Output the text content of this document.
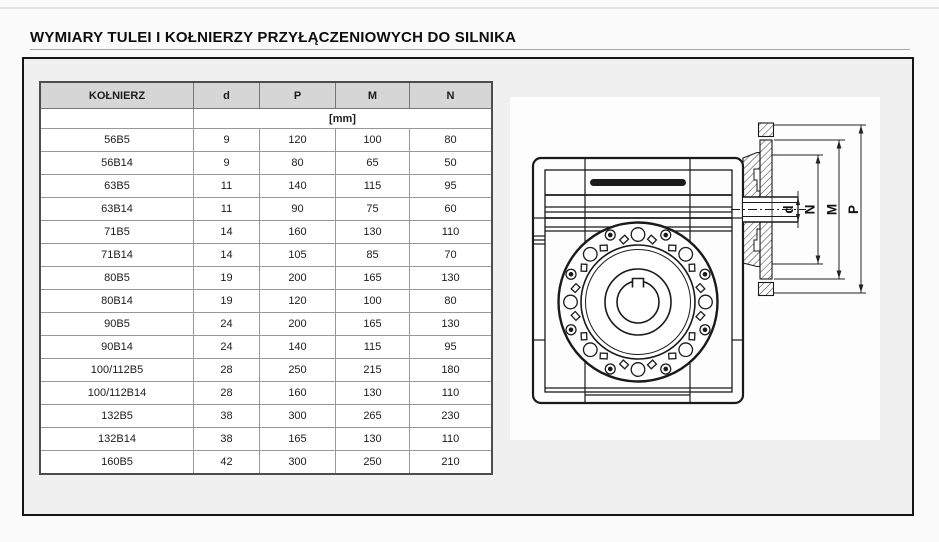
WYMIARY TULEI I KOŁNIERZY PRZYŁĄCZENIOWYCH DO SILNIKA
KOŁNIERZ	d	P	M	N
	[mm]			
56B5	9	120	100	80
56B14	9	80	65	50
63B5	11	140	115	95
63B14	11	90	75	60
71B5	14	160	130	110
71B14	14	105	85	70
80B5	19	200	165	130
80B14	19	120	100	80
90B5	24	200	165	130
90B14	24	140	115	95
100/112B5	28	250	215	180
100/112B14	28	160	130	110
132B5	38	300	265	230
132B14	38	165	130	110
160B5	42	300	250	210
d N M P
